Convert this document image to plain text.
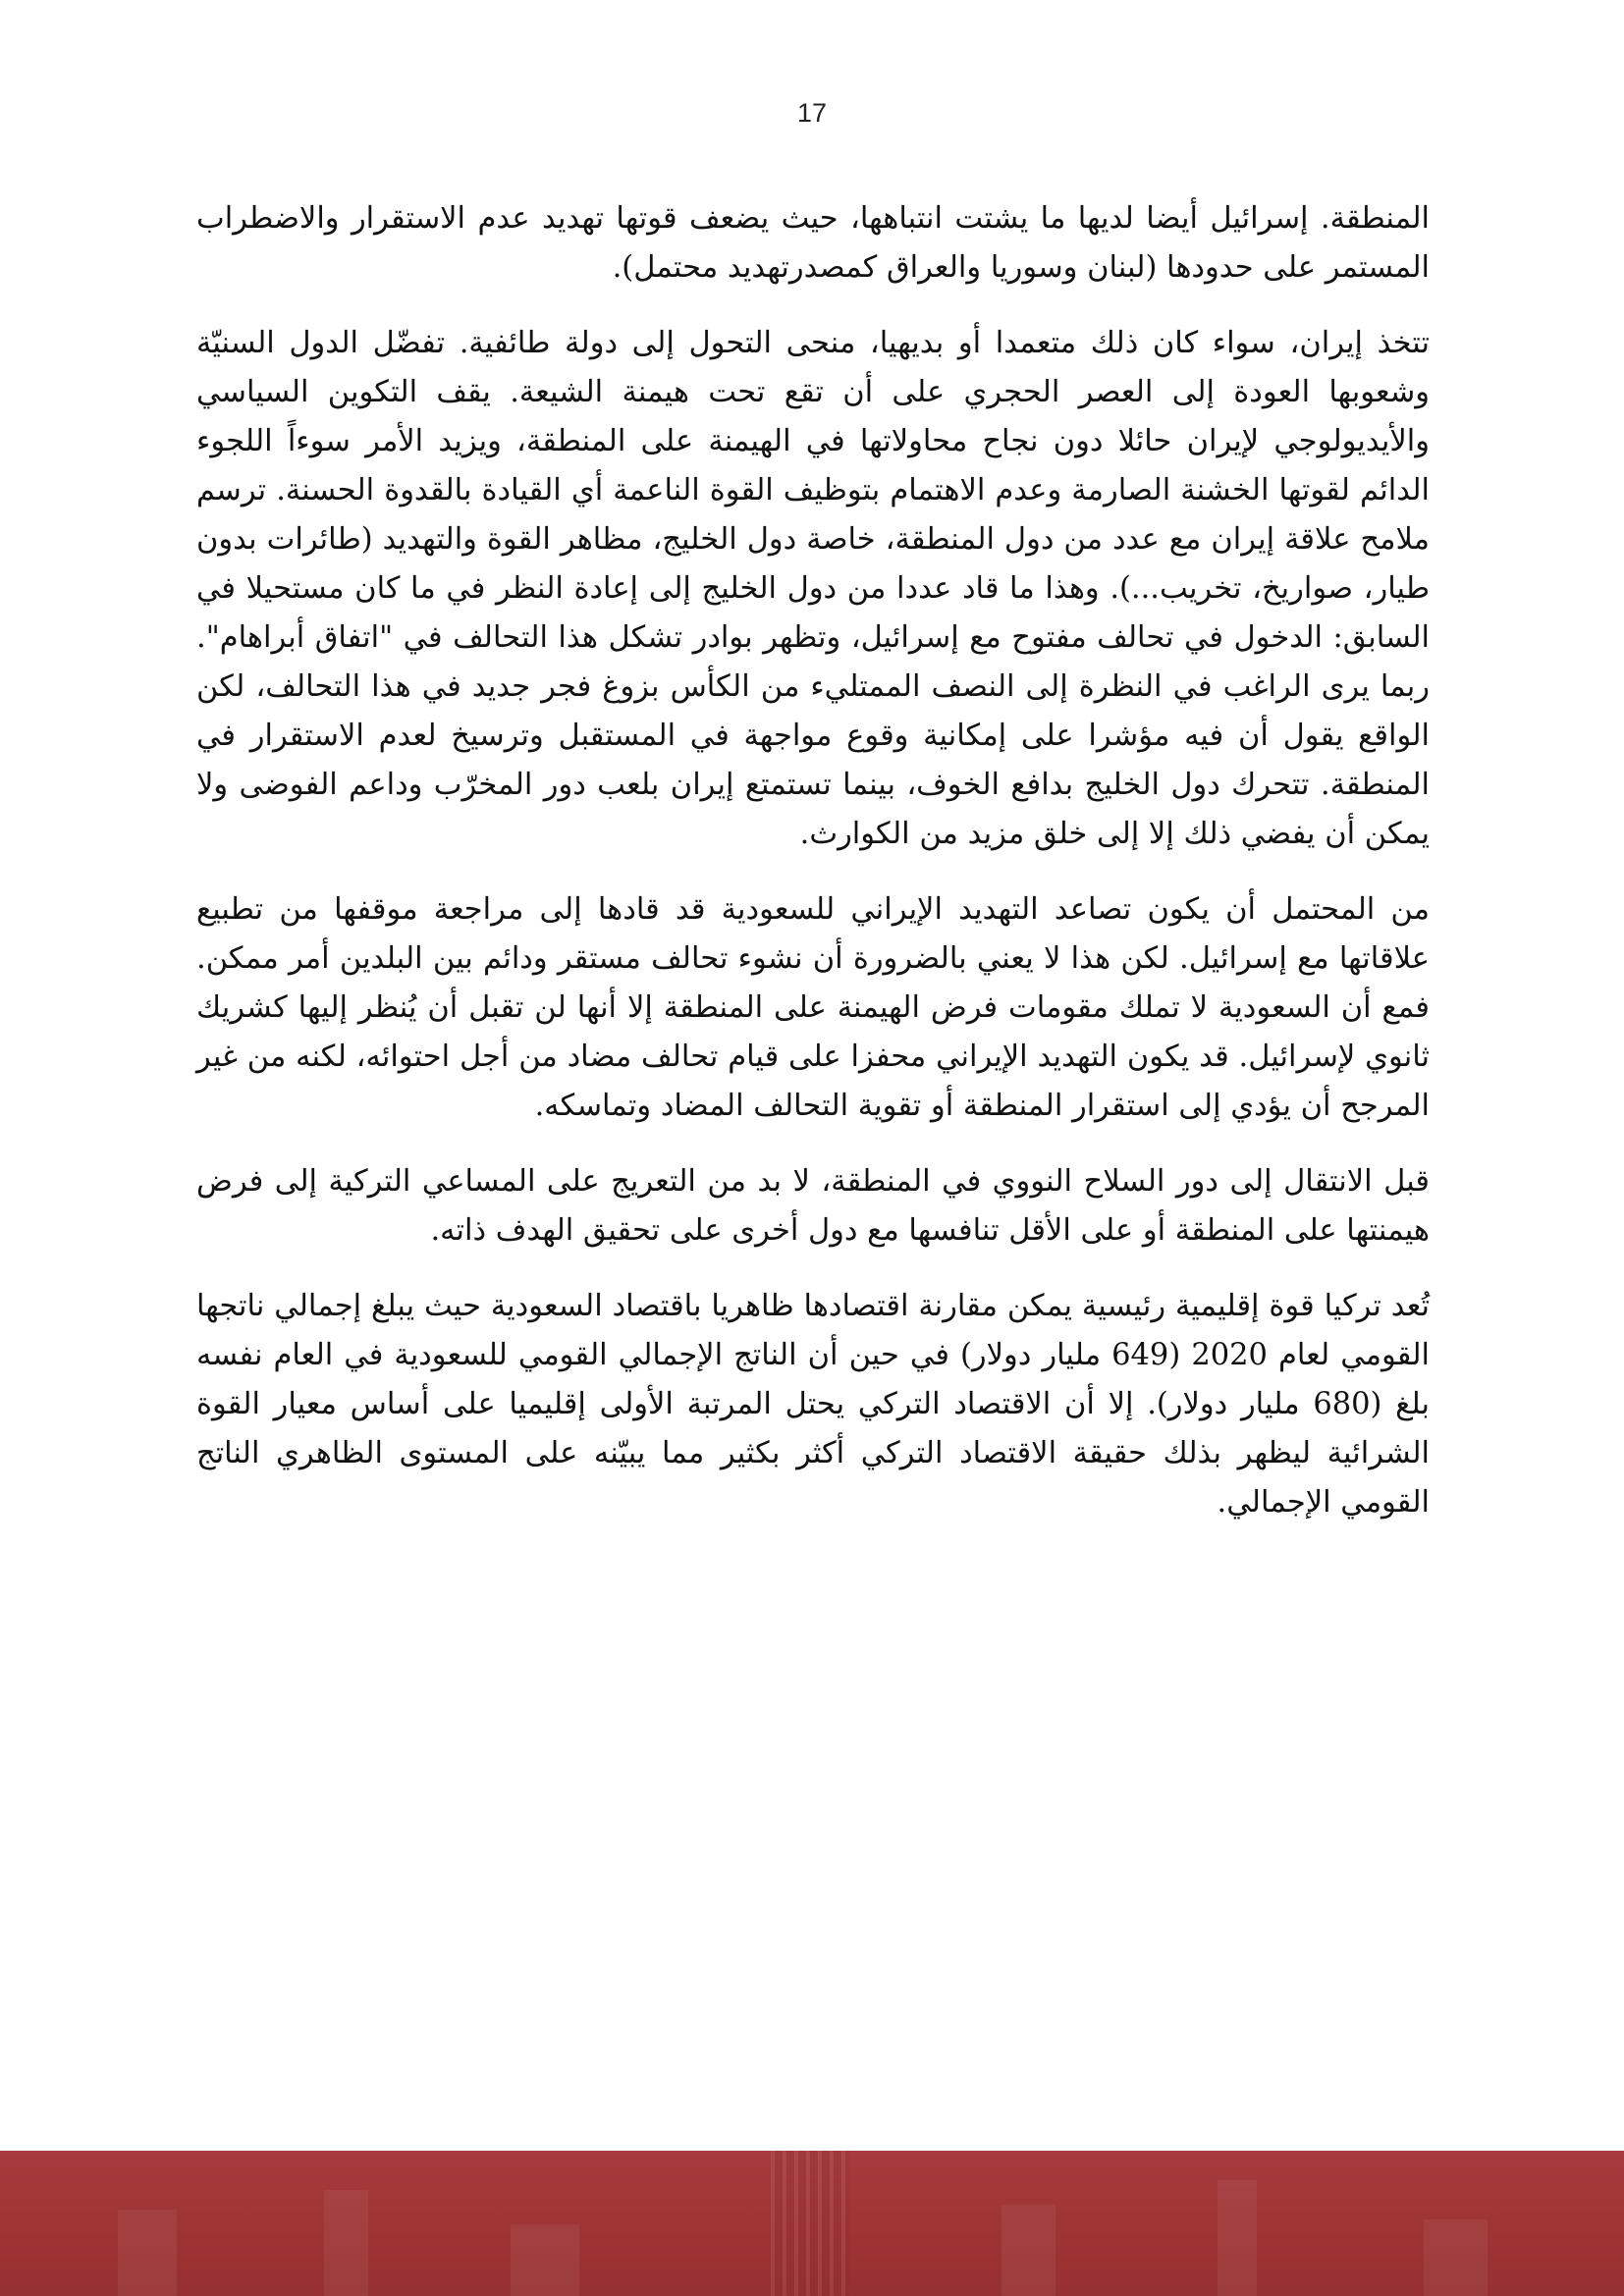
17

المنطقة. إسرائيل أيضا لديها ما يشتت انتباهها، حيث يضعف قوتها تهديد عدم الاستقرار والاضطراب المستمر على حدودها (لبنان وسوريا والعراق كمصدرتهديد محتمل).

تتخذ إيران، سواء كان ذلك متعمدا أو بديهيا، منحى التحول إلى دولة طائفية. تفضّل الدول السنيّة وشعوبها العودة إلى العصر الحجري على أن تقع تحت هيمنة الشيعة. يقف التكوين السياسي والأيديولوجي لإيران حائلا دون نجاح محاولاتها في الهيمنة على المنطقة، ويزيد الأمر سوءاً اللجوء الدائم لقوتها الخشنة الصارمة وعدم الاهتمام بتوظيف القوة الناعمة أي القيادة بالقدوة الحسنة. ترسم ملامح علاقة إيران مع عدد من دول المنطقة، خاصة دول الخليج، مظاهر القوة والتهديد (طائرات بدون طيار، صواريخ، تخريب...). وهذا ما قاد عددا من دول الخليج إلى إعادة النظر في ما كان مستحيلا في السابق: الدخول في تحالف مفتوح مع إسرائيل، وتظهر بوادر تشكل هذا التحالف في "اتفاق أبراهام". ربما يرى الراغب في النظرة إلى النصف الممتليء من الكأس بزوغ فجر جديد في هذا التحالف، لكن الواقع يقول أن فيه مؤشرا على إمكانية وقوع مواجهة في المستقبل وترسيخ لعدم الاستقرار في المنطقة. تتحرك دول الخليج بدافع الخوف، بينما تستمتع إيران بلعب دور المخرّب وداعم الفوضى ولا يمكن أن يفضي ذلك إلا إلى خلق مزيد من الكوارث.

من المحتمل أن يكون تصاعد التهديد الإيراني للسعودية قد قادها إلى مراجعة موقفها من تطبيع علاقاتها مع إسرائيل. لكن هذا لا يعني بالضرورة أن نشوء تحالف مستقر ودائم بين البلدين أمر ممكن. فمع أن السعودية لا تملك مقومات فرض الهيمنة على المنطقة إلا أنها لن تقبل أن يُنظر إليها كشريك ثانوي لإسرائيل. قد يكون التهديد الإيراني محفزا على قيام تحالف مضاد من أجل احتوائه، لكنه من غير المرجح أن يؤدي إلى استقرار المنطقة أو تقوية التحالف المضاد وتماسكه.

قبل الانتقال إلى دور السلاح النووي في المنطقة، لا بد من التعريج على المساعي التركية إلى فرض هيمنتها على المنطقة أو على الأقل تنافسها مع دول أخرى على تحقيق الهدف ذاته.

تُعد تركيا قوة إقليمية رئيسية يمكن مقارنة اقتصادها ظاهريا باقتصاد السعودية حيث يبلغ إجمالي ناتجها القومي لعام 2020 (649 مليار دولار) في حين أن الناتج الإجمالي القومي للسعودية في العام نفسه بلغ (680 مليار دولار). إلا أن الاقتصاد التركي يحتل المرتبة الأولى إقليميا على أساس معيار القوة الشرائية ليظهر بذلك حقيقة الاقتصاد التركي أكثر بكثير مما يبيّنه على المستوى الظاهري الناتج القومي الإجمالي.
